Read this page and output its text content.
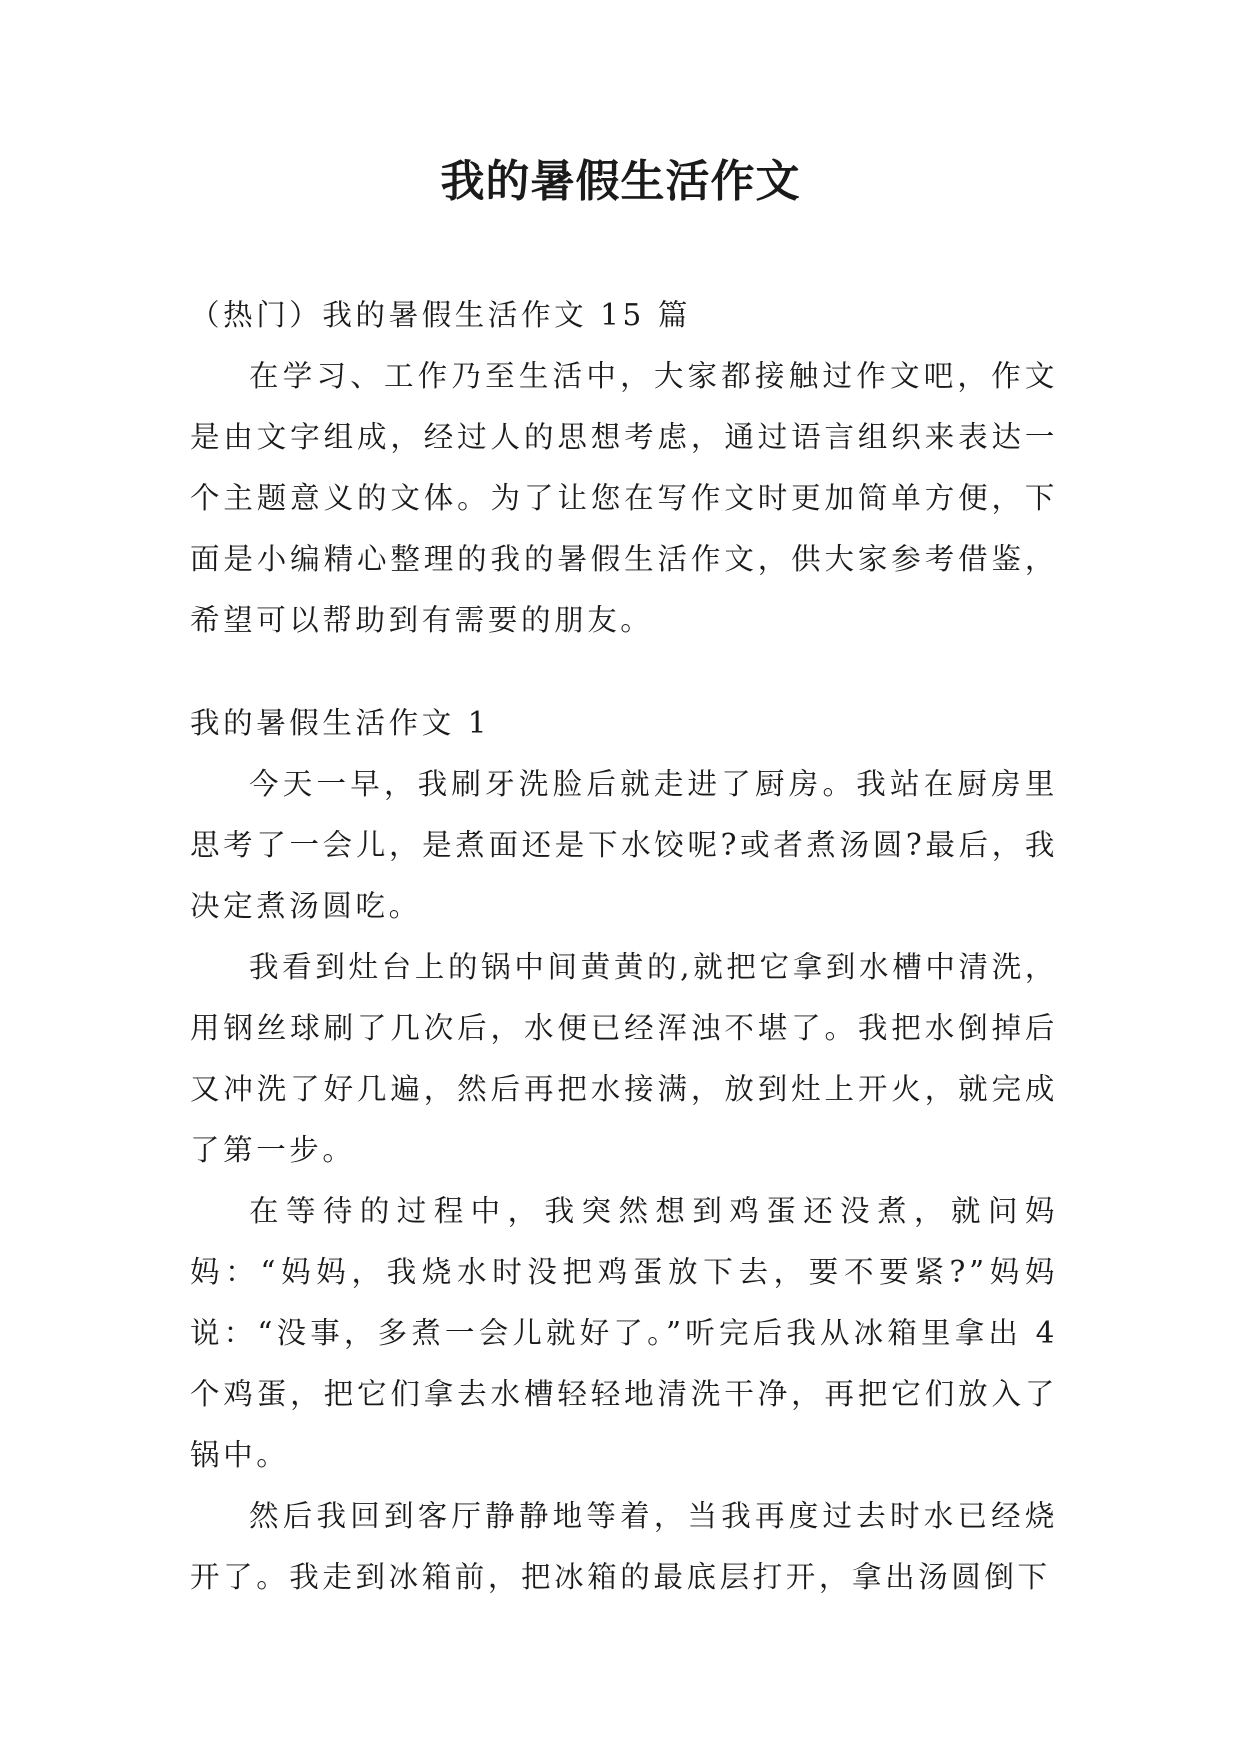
我的暑假生活作文

（热门）我的暑假生活作文 15 篇

在学习、工作乃至生活中，大家都接触过作文吧，作文是由文字组成，经过人的思想考虑，通过语言组织来表达一个主题意义的文体。为了让您在写作文时更加简单方便，下面是小编精心整理的我的暑假生活作文，供大家参考借鉴，希望可以帮助到有需要的朋友。

我的暑假生活作文 1

今天一早，我刷牙洗脸后就走进了厨房。我站在厨房里思考了一会儿，是煮面还是下水饺呢?或者煮汤圆?最后，我决定煮汤圆吃。

我看到灶台上的锅中间黄黄的,就把它拿到水槽中清洗，用钢丝球刷了几次后，水便已经浑浊不堪了。我把水倒掉后又冲洗了好几遍，然后再把水接满，放到灶上开火，就完成了第一步。

在等待的过程中，我突然想到鸡蛋还没煮，就问妈妈：“妈妈，我烧水时没把鸡蛋放下去，要不要紧?”妈妈说：“没事，多煮一会儿就好了。”听完后我从冰箱里拿出 4 个鸡蛋，把它们拿去水槽轻轻地清洗干净，再把它们放入了锅中。

然后我回到客厅静静地等着，当我再度过去时水已经烧开了。我走到冰箱前，把冰箱的最底层打开，拿出汤圆倒下
